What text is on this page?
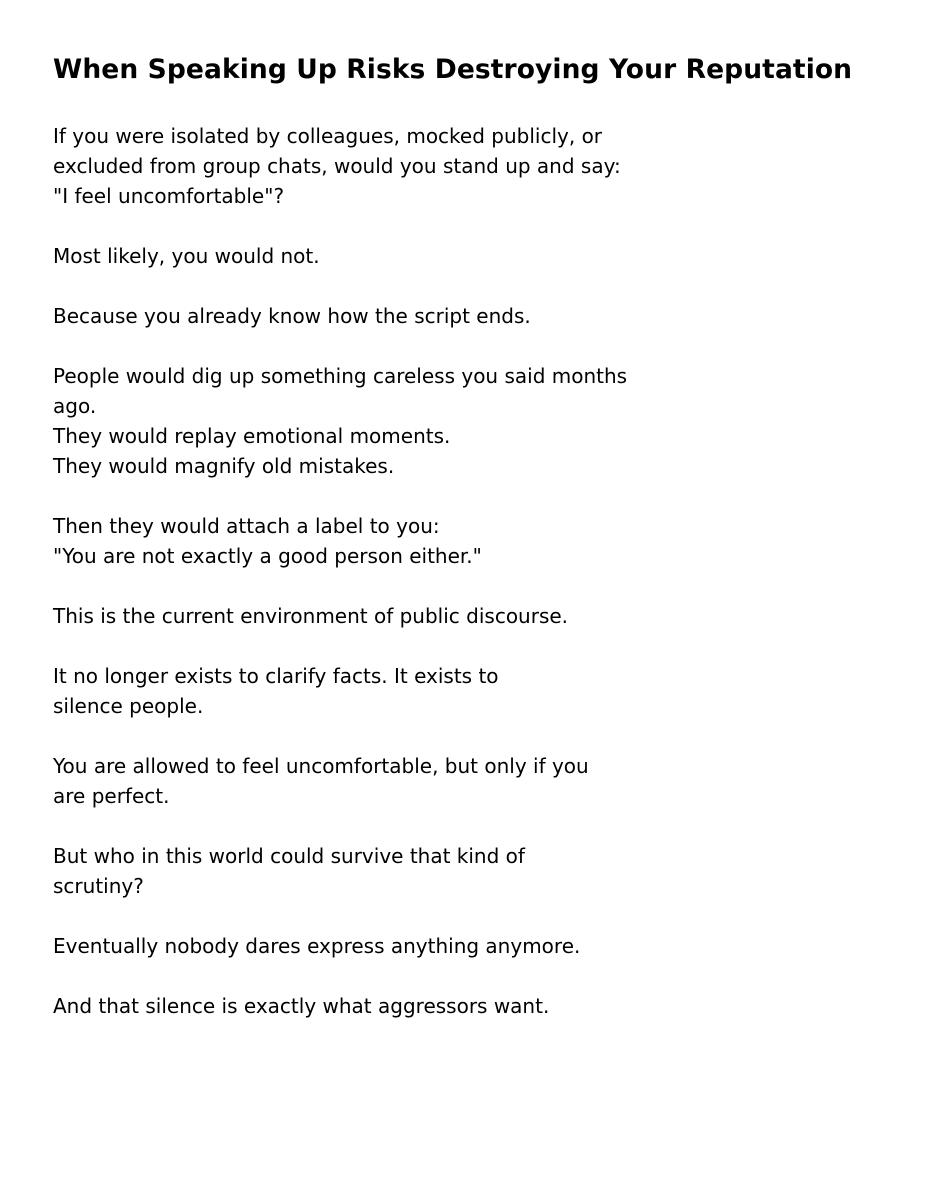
When Speaking Up Risks Destroying Your Reputation

If you were isolated by colleagues, mocked publicly, or
excluded from group chats, would you stand up and say:
"I feel uncomfortable"?

Most likely, you would not.

Because you already know how the script ends.

People would dig up something careless you said months
ago.
They would replay emotional moments.
They would magnify old mistakes.

Then they would attach a label to you:
"You are not exactly a good person either."

This is the current environment of public discourse.

It no longer exists to clarify facts. It exists to
silence people.

You are allowed to feel uncomfortable, but only if you
are perfect.

But who in this world could survive that kind of
scrutiny?

Eventually nobody dares express anything anymore.

And that silence is exactly what aggressors want.
